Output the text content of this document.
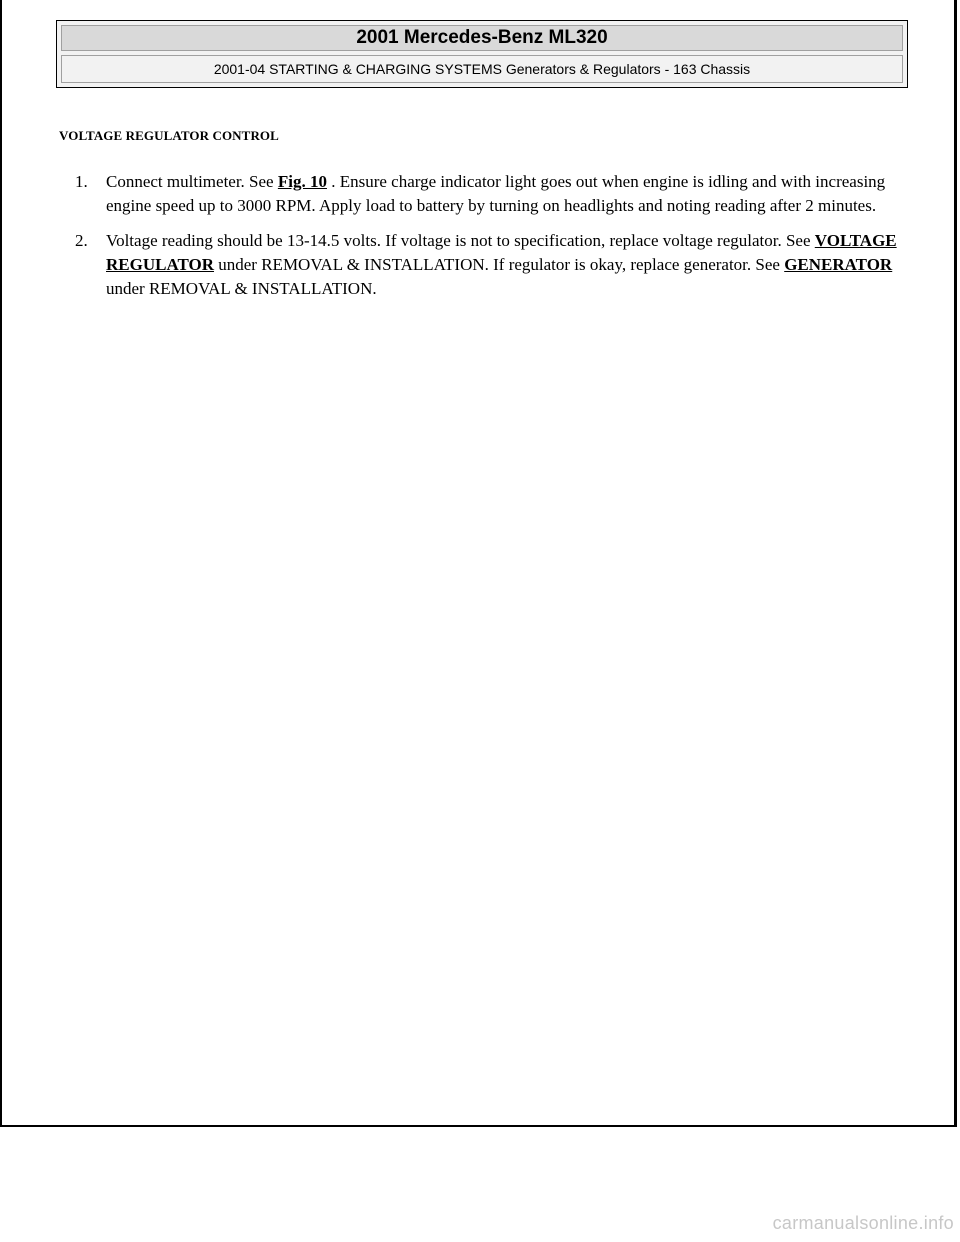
2001 Mercedes-Benz ML320
2001-04 STARTING & CHARGING SYSTEMS Generators & Regulators - 163 Chassis
VOLTAGE REGULATOR CONTROL
1. Connect multimeter. See Fig. 10 . Ensure charge indicator light goes out when engine is idling and with increasing engine speed up to 3000 RPM. Apply load to battery by turning on headlights and noting reading after 2 minutes.
2. Voltage reading should be 13-14.5 volts. If voltage is not to specification, replace voltage regulator. See VOLTAGE REGULATOR under REMOVAL & INSTALLATION. If regulator is okay, replace generator. See GENERATOR under REMOVAL & INSTALLATION.
carmanualsonline.info
